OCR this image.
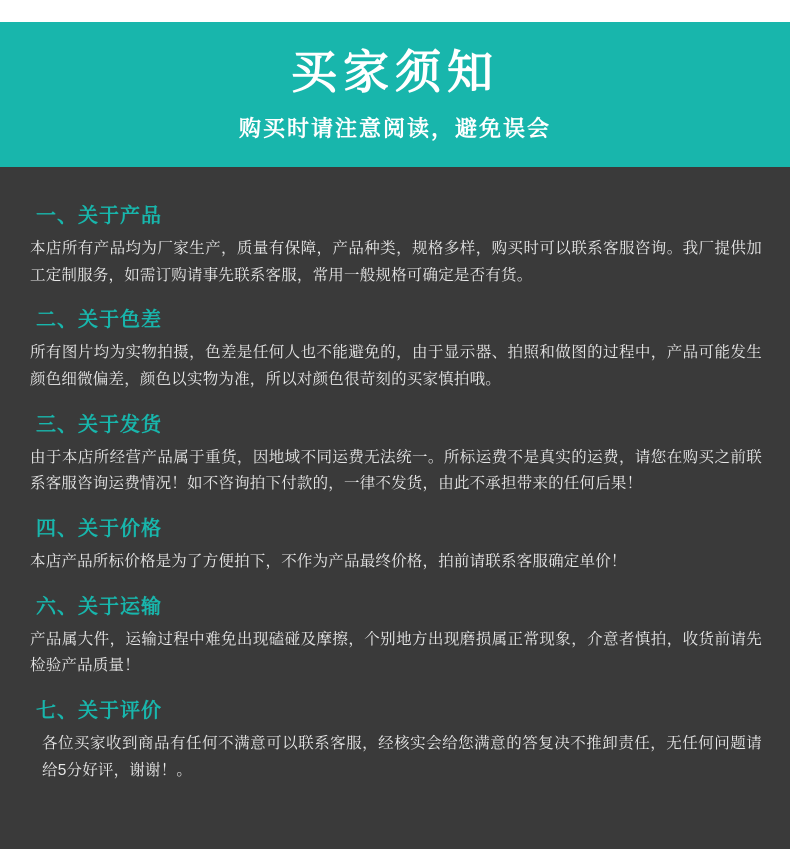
买家须知
购买时请注意阅读，避免误会
一、关于产品
本店所有产品均为厂家生产，质量有保障，产品种类，规格多样，购买时可以联系客服咨询。我厂提供加工定制服务，如需订购请事先联系客服，常用一般规格可确定是否有货。
二、关于色差
所有图片均为实物拍摄，色差是任何人也不能避免的，由于显示器、拍照和做图的过程中，产品可能发生颜色细微偏差，颜色以实物为准，所以对颜色很苛刻的买家慎拍哦。
三、关于发货
由于本店所经营产品属于重货，因地域不同运费无法统一。所标运费不是真实的运费，请您在购买之前联系客服咨询运费情况！如不咨询拍下付款的，一律不发货，由此不承担带来的任何后果！
四、关于价格
本店产品所标价格是为了方便拍下，不作为产品最终价格，拍前请联系客服确定单价！
六、关于运输
产品属大件，运输过程中难免出现磕碰及摩擦，个别地方出现磨损属正常现象，介意者慎拍，收货前请先检验产品质量！
七、关于评价
各位买家收到商品有任何不满意可以联系客服，经核实会给您满意的答复决不推卸责任，无任何问题请给5分好评，谢谢！。
